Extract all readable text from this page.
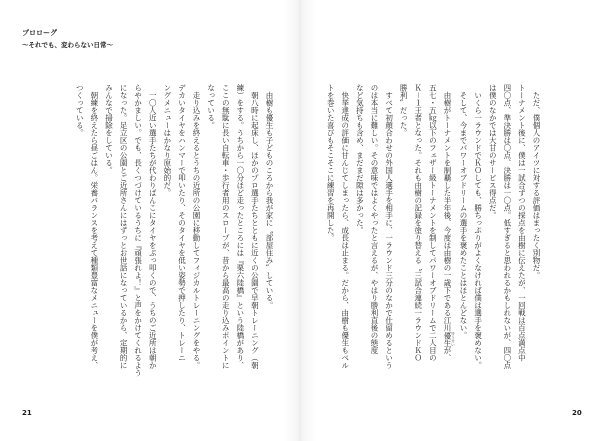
プロローグ
〜それでも、変わらない日常〜
　由樹も優生も子どものころから我が家に〝部屋住み〟している。
　朝八時に起床し、ほかのプロ選手たちとともに近くの公園で早朝トレーニング（朝
練）をする。うちから一〇分ほど走ったところには『栗六陸橋』という陸橋があり、
ここの無駄に長い自転車・歩行者用のスロープが、昔から最高の走り込みポイントに
なっている。
　走り込みを終えるとうちの近所の公園に移動してフィジカルトレーニングをやる。
デカいタイヤをハンマーで叩いたり、そのタイヤを低い姿勢で押したり、トレーニ
ングメニューはかなり原始的だ。
　一〇人近い選手たちが代わりばんこにタイヤをぶっ叩くので、うちのご近所は朝か
らやかましい。でも、長くつづけているうちに『頑張れよ！』と声をかけてくれるよう
になった。足立区の公園とご近所さんにはずっとお世話になっているから、定期的に
みんなで掃除をしている。
　朝練を終えたら昼ごはん。栄養バランスを考えて種類豊富なメニューを僕が考え、
つくっている。
21
　ただ、僕個人のアイツに対する評価はまったく別物だ。
トーナメント後に、僕は一試合ずつの採点を由樹に伝えたが、一回戦は百点満点中
四〇点、準決勝は〇点、決勝は一〇点。低すぎると思われるかもしれないが、四〇点
は僕のなかでは大甘のサービス得点だ。
　いくら一ラウンドでＫＯしても、勝ちっぷりがよくなければ僕は選手を褒めない。
　そして、今までパワーオブドリームの選手を褒めたことはほとんどない。
　由樹がトーナメントを制覇した半年後、今度は由樹の一歳下である江川優生 ゆうせいが、
五七・五㎏以下のフェザー級トーナメントを制してパワーオブドリームで二人目の
Ｋ－１王者となった。それも由樹の記録を塗り替える〝三試合連続一ラウンドＫＯ
勝利〟だった。
　すべて初顔合わせの外国人選手を相手に、一ラウンド三分のなかで仕留めるという
のは本当に難しい。その意味ではよくやったと言えるが、やはり勝利直後の態度
など気持ちも含め、まだまだ隙は多かった。
　快挙達成の評価に甘んじてしまったら、成長は止まる。だから、由樹も優生もベル
トを巻いた喜びもそこそこに練習を再開した。
20
